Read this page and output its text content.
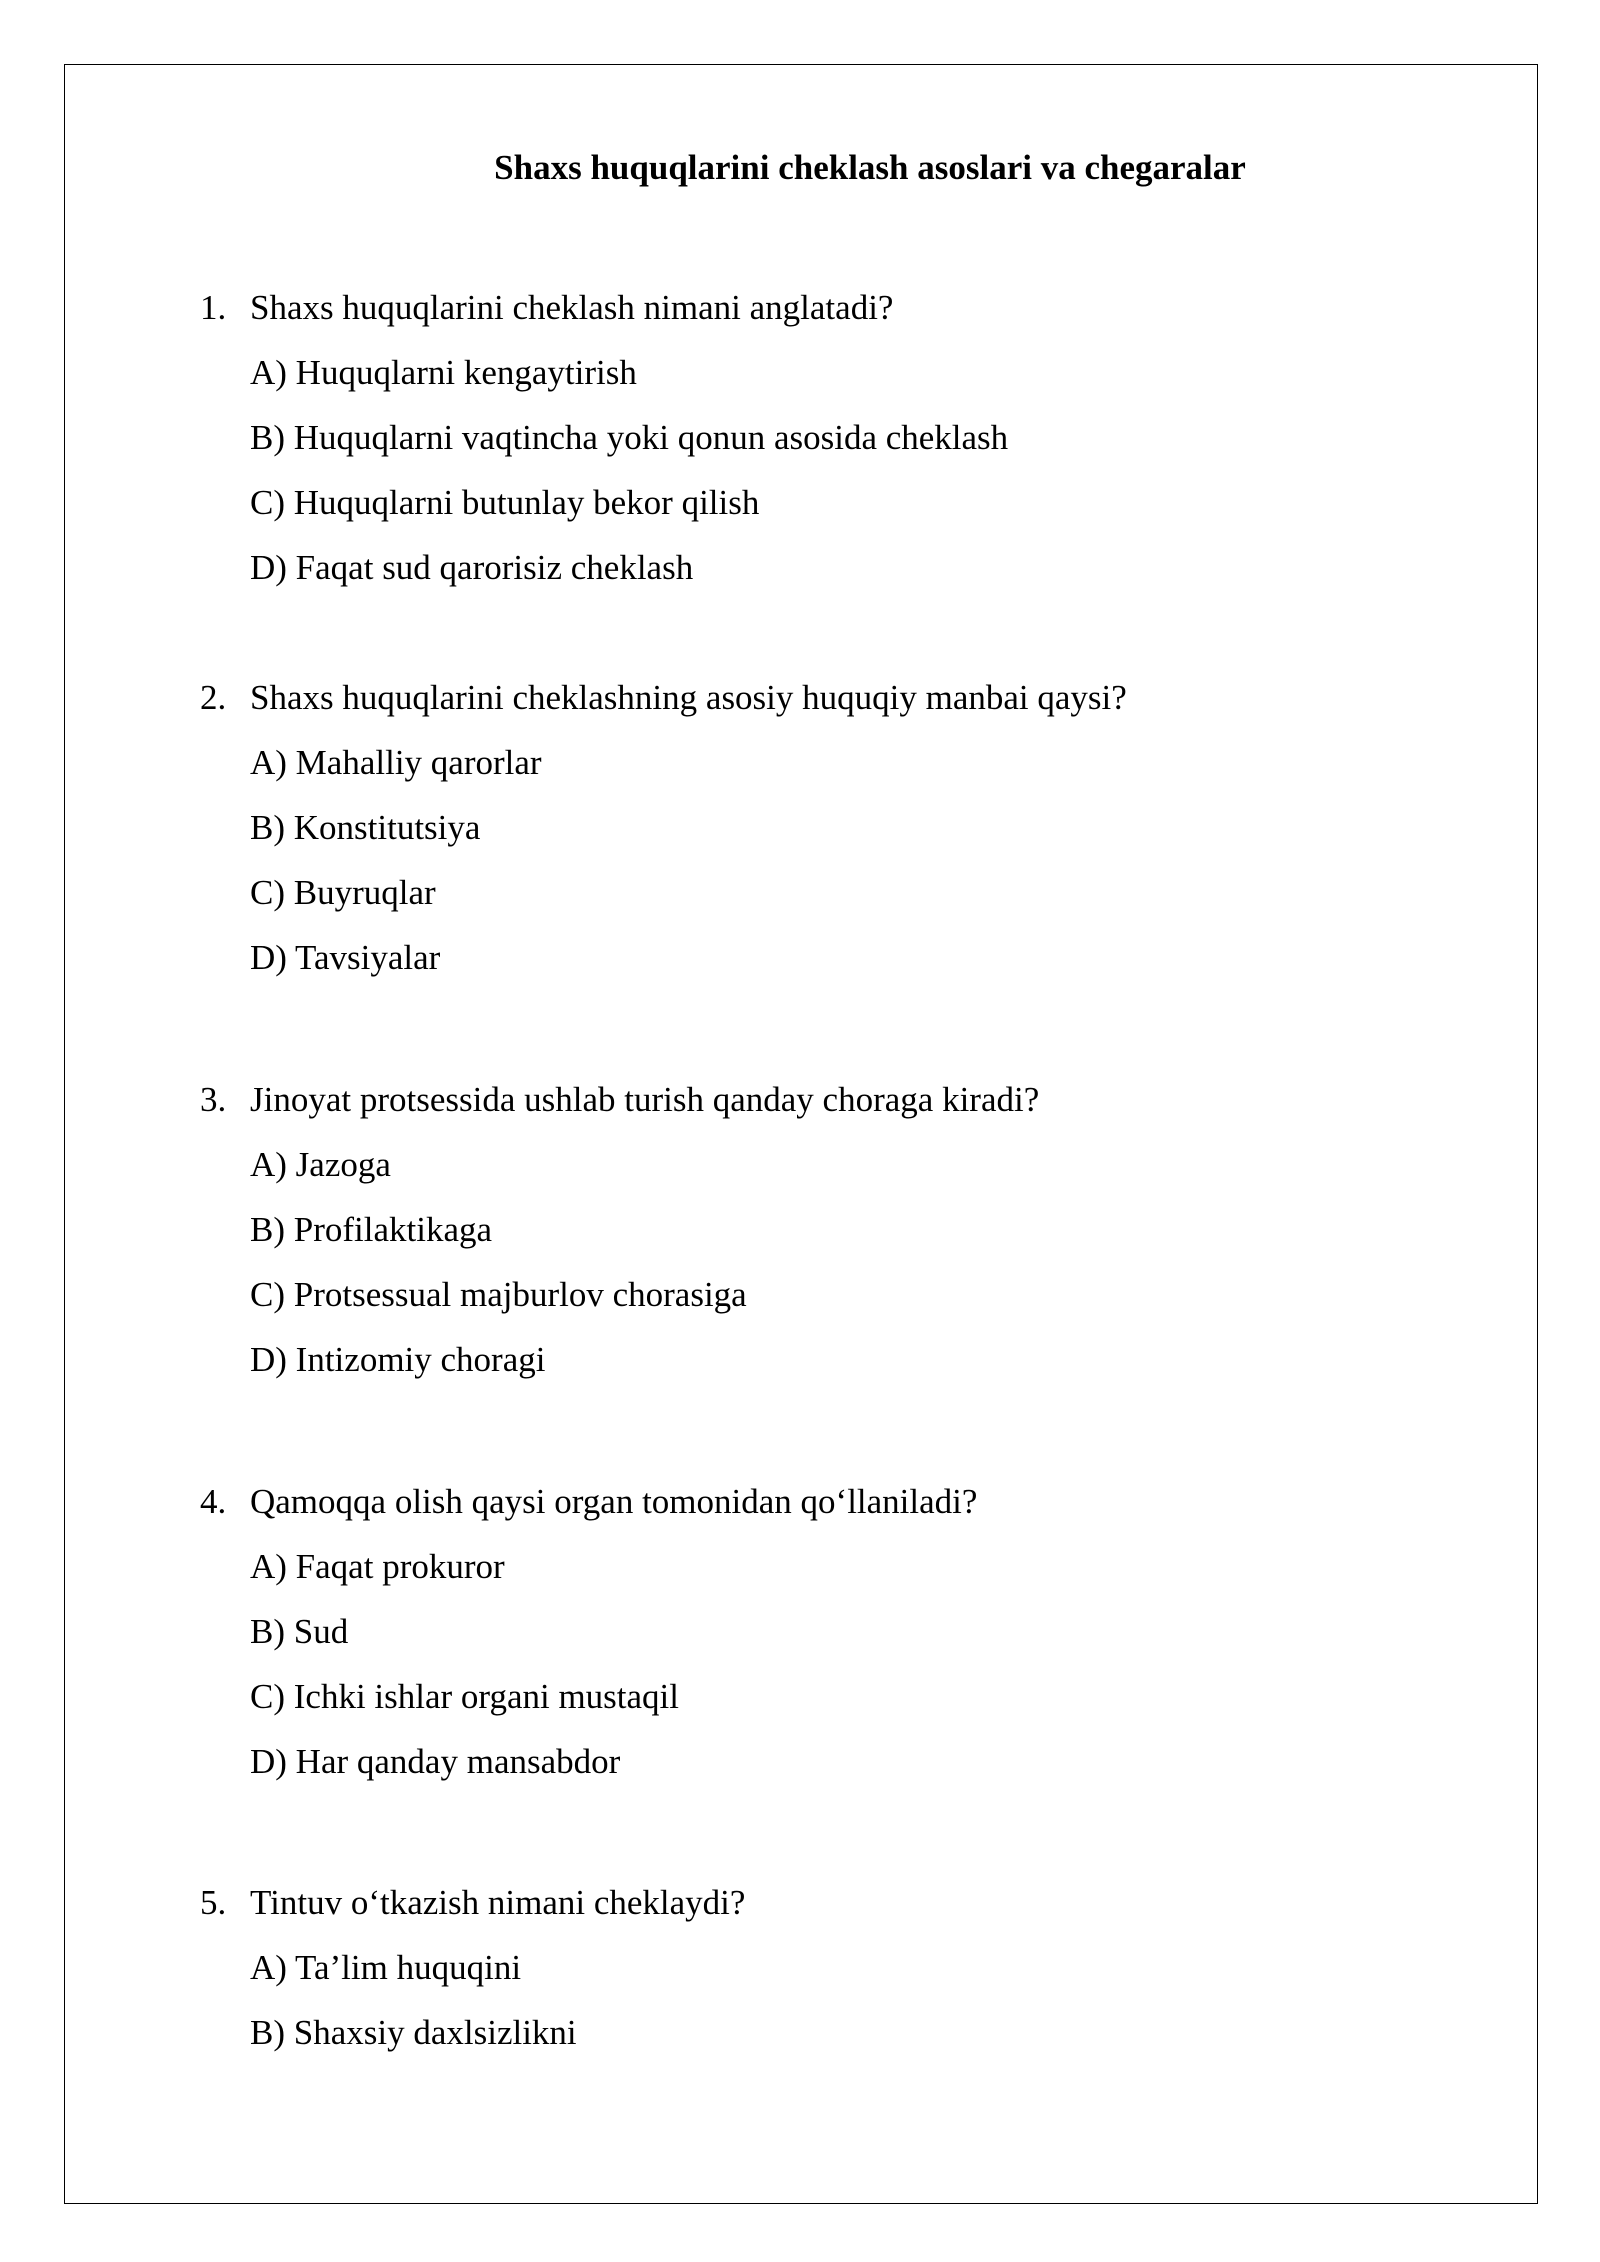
Shaxs huquqlarini cheklash asoslari va chegaralar
1. Shaxs huquqlarini cheklash nimani anglatadi?
A) Huquqlarni kengaytirish
B) Huquqlarni vaqtincha yoki qonun asosida cheklash
C) Huquqlarni butunlay bekor qilish
D) Faqat sud qarorisiz cheklash
2. Shaxs huquqlarini cheklashning asosiy huquqiy manbai qaysi?
A) Mahalliy qarorlar
B) Konstitutsiya
C) Buyruqlar
D) Tavsiyalar
3. Jinoyat protsessida ushlab turish qanday choraga kiradi?
A) Jazoga
B) Profilaktikaga
C) Protsessual majburlov chorasiga
D) Intizomiy choragi
4. Qamoqqa olish qaysi organ tomonidan qo‘llaniladi?
A) Faqat prokuror
B) Sud
C) Ichki ishlar organi mustaqil
D) Har qanday mansabdor
5. Tintuv o‘tkazish nimani cheklaydi?
A) Ta’lim huquqini
B) Shaxsiy daxlsizlikni
